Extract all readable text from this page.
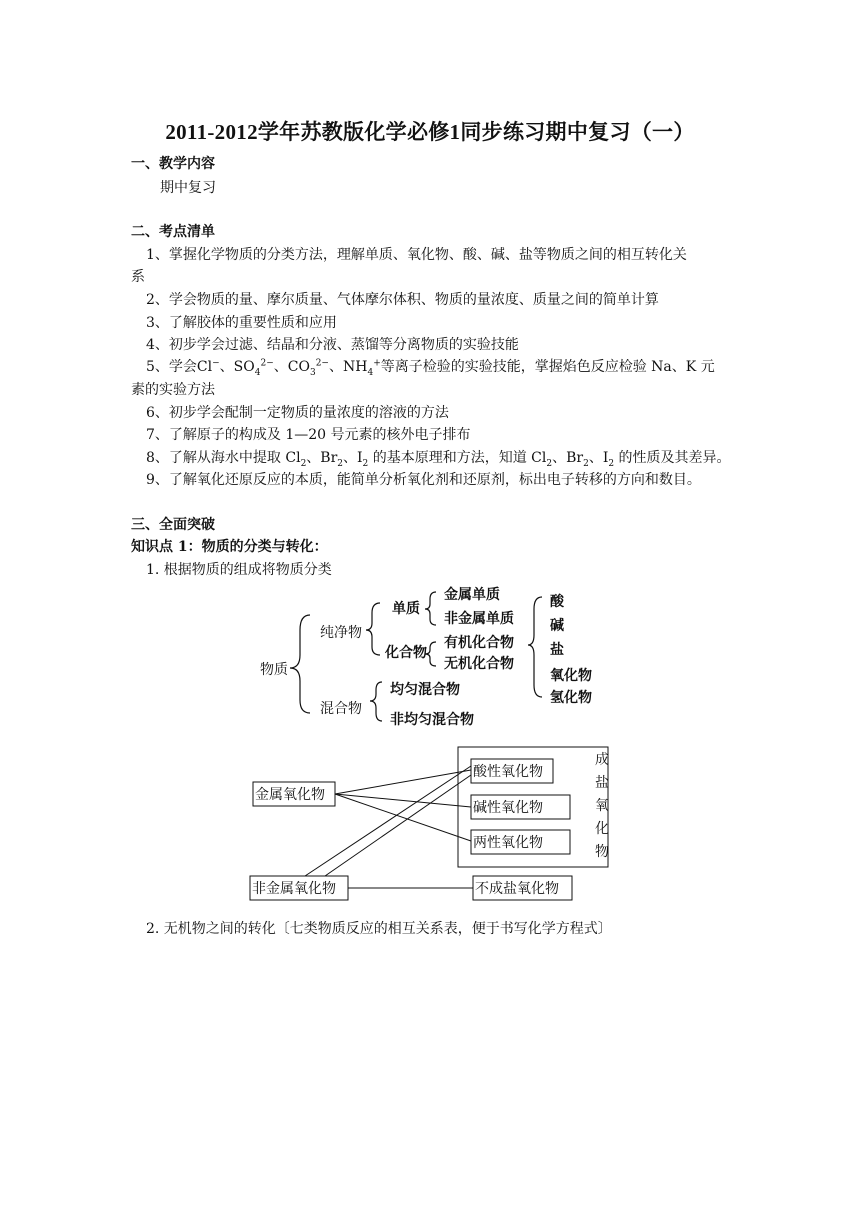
2011-2012学年苏教版化学必修1同步练习期中复习（一）
一、教学内容
期中复习
二、考点清单
1、掌握化学物质的分类方法，理解单质、氧化物、酸、碱、盐等物质之间的相互转化关
系
2、学会物质的量、摩尔质量、气体摩尔体积、物质的量浓度、质量之间的简单计算
3、了解胶体的重要性质和应用
4、初步学会过滤、结晶和分液、蒸馏等分离物质的实验技能
5、学会Cl−、$SO_4^{2-}$、$CO_3^{2-}$、$NH_4^+$等离子检验的实验技能，掌握焰色反应检验 Na、K 元
素的实验方法
6、初步学会配制一定物质的量浓度的溶液的方法
7、了解原子的构成及 1—20 号元素的核外电子排布
8、了解从海水中提取 $Cl_2$、$Br_2$、$I_2$ 的基本原理和方法，知道 $Cl_2$、$Br_2$、$I_2$ 的性质及其差异。
9、了解氧化还原反应的本质，能简单分析氧化剂和还原剂，标出电子转移的方向和数目。
三、全面突破
知识点 1：物质的分类与转化：
1. 根据物质的组成将物质分类
物质
纯净物
混合物
单质
金属单质
非金属单质
化合物
有机化合物
无机化合物
酸
碱
盐
氧化物
氢化物
均匀混合物
非均匀混合物
金属氧化物
非金属氧化物
酸性氧化物
碱性氧化物
两性氧化物
不成盐氧化物
成
盐
氧
化
物
2. 无机物之间的转化〔七类物质反应的相互关系表，便于书写化学方程式〕
